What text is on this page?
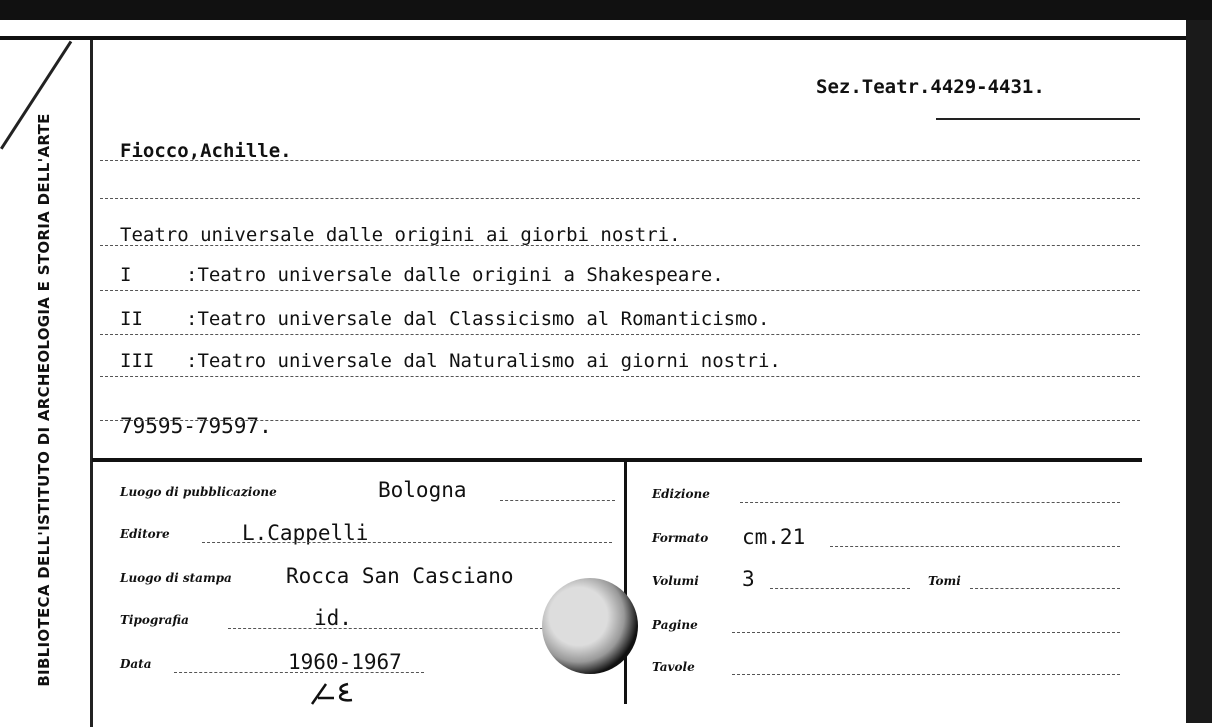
BIBLIOTECA DELL'ISTITUTO DI ARCHEOLOGIA E STORIA DELL'ARTE
Sez.Teatr.4429-4431.
Fiocco,Achille.
Teatro universale dalle origini ai giorbi nostri.
I	:Teatro universale dalle origini a Shakespeare.
II :Teatro universale dal Classicismo al Romanticismo.
III :Teatro universale dal Naturalismo ai giorni nostri.
79595-79597.
Luogo di pubblicazione	Bologna
Editore	L.Cappelli
Luogo di stampa	Rocca San Casciano
Tipografia	id.
Data	1960-1967
Edizione
Formato cm.21
Volumi 3	Tomi
Pagine
Tavole
